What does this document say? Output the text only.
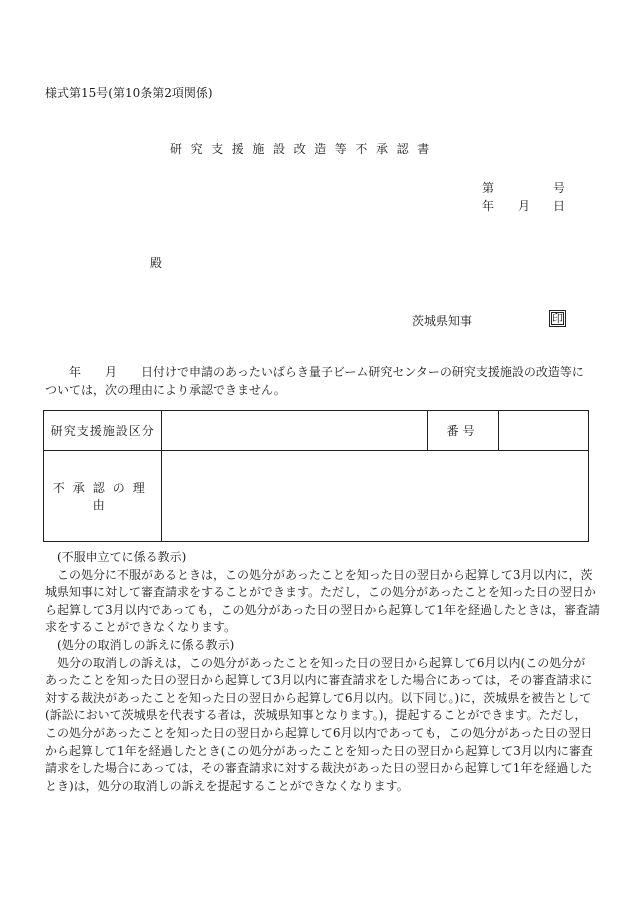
様式第15号(第10条第2項関係)
研究支援施設改造等不承認書
第	号
年 月 日
殿
茨城県知事	印
　　年　　月　　日付けで申請のあったいばらき量子ビーム研究センターの研究支援施設の改造等に
ついては，次の理由により承認できません。
研究支援施設区分		番号	
不承認の理由			
　(不服申立てに係る教示)
　この処分に不服があるときは，この処分があったことを知った日の翌日から起算して3月以内に，茨
城県知事に対して審査請求をすることができます。ただし，この処分があったことを知った日の翌日か
ら起算して3月以内であっても，この処分があった日の翌日から起算して1年を経過したときは，審査請
求をすることができなくなります。
　(処分の取消しの訴えに係る教示)
　処分の取消しの訴えは，この処分があったことを知った日の翌日から起算して6月以内(この処分が
あったことを知った日の翌日から起算して3月以内に審査請求をした場合にあっては，その審査請求に
対する裁決があったことを知った日の翌日から起算して6月以内。以下同じ。)に，茨城県を被告として
(訴訟において茨城県を代表する者は，茨城県知事となります。)，提起することができます。ただし，
この処分があったことを知った日の翌日から起算して6月以内であっても，この処分があった日の翌日
から起算して1年を経過したとき(この処分があったことを知った日の翌日から起算して3月以内に審査
請求をした場合にあっては，その審査請求に対する裁決があった日の翌日から起算して1年を経過した
とき)は，処分の取消しの訴えを提起することができなくなります。
